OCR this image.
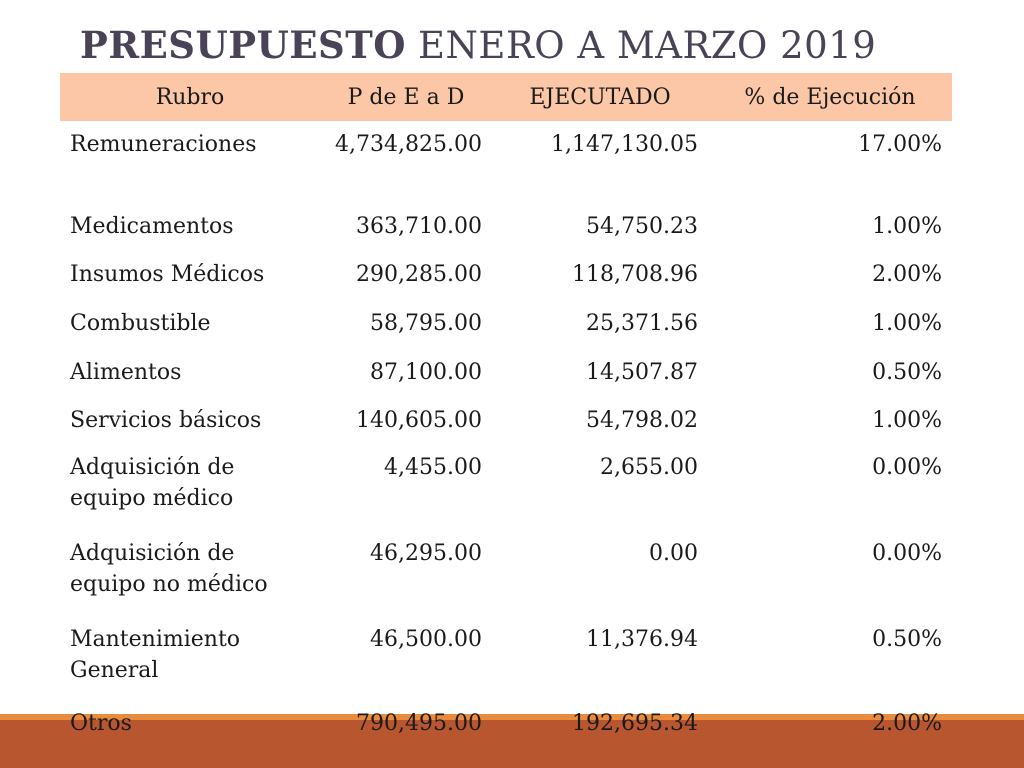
PRESUPUESTO ENERO A MARZO 2019
Rubro	P de E a D	EJECUTADO	% de Ejecución
Remuneraciones	4,734,825.00	1,147,130.05	17.00%
Medicamentos	363,710.00	54,750.23	1.00%
Insumos Médicos	290,285.00	118,708.96	2.00%
Combustible	58,795.00	25,371.56	1.00%
Alimentos	87,100.00	14,507.87	0.50%
Servicios básicos	140,605.00	54,798.02	1.00%
Adquisición de equipo médico	4,455.00	2,655.00	0.00%
Adquisición de equipo no médico	46,295.00	0.00	0.00%
Mantenimiento General	46,500.00	11,376.94	0.50%
Otros	790,495.00	192,695.34	2.00%
